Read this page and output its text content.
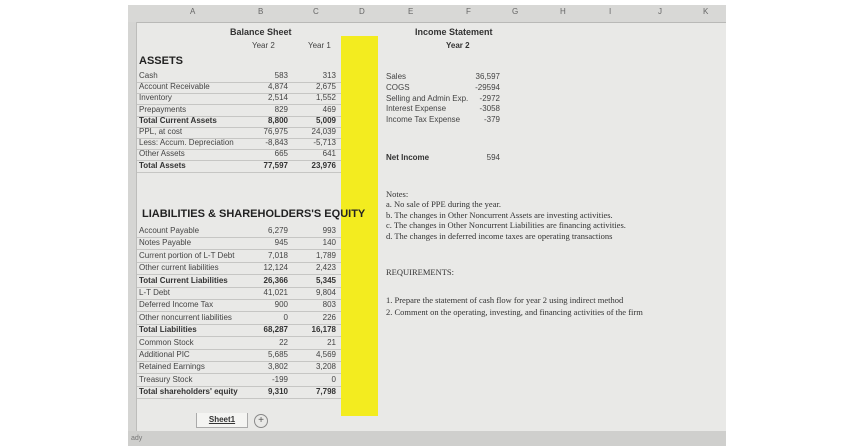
A	B	C	D	E	F	G	H	I	J	K
Balance Sheet
Year 2	Year 1
ASSETS
Cash	583	313
Account Receivable	4,874	2,675
Inventory	2,514	1,552
Prepayments	829	469
Total Current Assets	8,800	5,009
PPL, at cost	76,975	24,039
Less: Accum. Depreciation	-8,843	-5,713
Other Assets	665	641
Total Assets	77,597	23,976
LIABILITIES & SHAREHOLDERS'S EQUITY
Account Payable	6,279	993
Notes Payable	945	140
Current portion of L-T Debt	7,018	1,789
Other current liabilities	12,124	2,423
Total Current Liabilities	26,366	5,345
L-T Debt	41,021	9,804
Deferred Income Tax	900	803
Other noncurrent liabilities	0	226
Total Liabilities	68,287	16,178
Common Stock	22	21
Additional PIC	5,685	4,569
Retained Earnings	3,802	3,208
Treasury Stock	-199	0
Total shareholders' equity	9,310	7,798
Income Statement
Year 2
Sales	36,597
COGS	-29594
Selling and Admin Exp.	-2972
Interest Expense	-3058
Income Tax Expense	-379
Net Income	594
Notes:
a. No sale of PPE during the year.
b. The changes in Other Noncurrent Assets are investing activities.
c. The changes in Other Noncurrent Liabilities are financing activities.
d. The changes in deferred income taxes are operating transactions
REQUIREMENTS:
1. Prepare the statement of cash flow for year 2 using indirect method
2. Comment on the operating, investing, and financing activities of the firm
Sheet1	+
ady
